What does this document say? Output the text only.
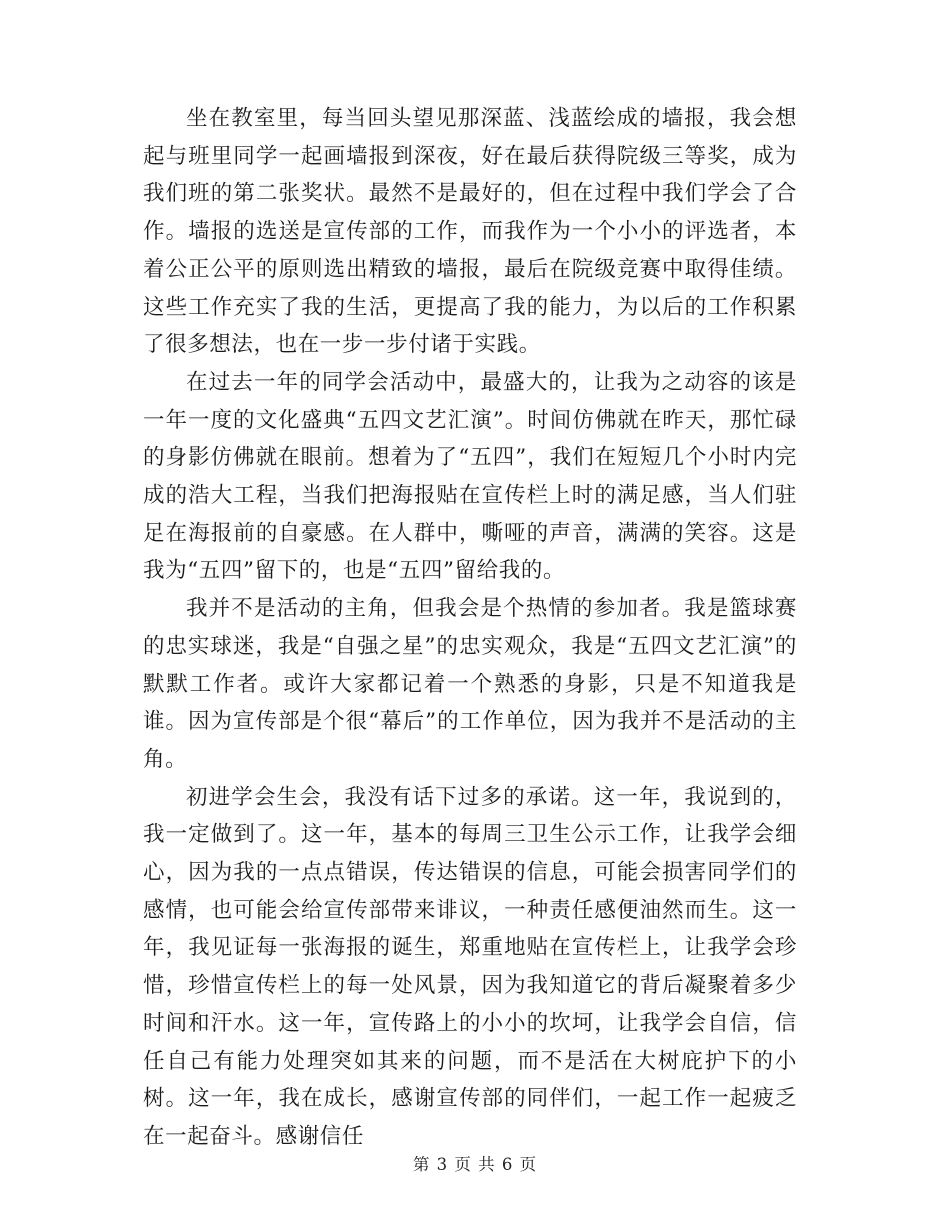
坐在教室里，每当回头望见那深蓝、浅蓝绘成的墙报，我会想起与班里同学一起画墙报到深夜，好在最后获得院级三等奖，成为我们班的第二张奖状。最然不是最好的，但在过程中我们学会了合作。墙报的选送是宣传部的工作，而我作为一个小小的评选者，本着公正公平的原则选出精致的墙报，最后在院级竞赛中取得佳绩。这些工作充实了我的生活，更提高了我的能力，为以后的工作积累了很多想法，也在一步一步付诸于实践。

在过去一年的同学会活动中，最盛大的，让我为之动容的该是一年一度的文化盛典“五四文艺汇演”。时间仿佛就在昨天，那忙碌的身影仿佛就在眼前。想着为了“五四”，我们在短短几个小时内完成的浩大工程，当我们把海报贴在宣传栏上时的满足感，当人们驻足在海报前的自豪感。在人群中，嘶哑的声音，满满的笑容。这是我为“五四”留下的，也是“五四”留给我的。

我并不是活动的主角，但我会是个热情的参加者。我是篮球赛的忠实球迷，我是“自强之星”的忠实观众，我是“五四文艺汇演”的默默工作者。或许大家都记着一个熟悉的身影，只是不知道我是谁。因为宣传部是个很“幕后”的工作单位，因为我并不是活动的主角。

初进学会生会，我没有话下过多的承诺。这一年，我说到的，我一定做到了。这一年，基本的每周三卫生公示工作，让我学会细心，因为我的一点点错误，传达错误的信息，可能会损害同学们的感情，也可能会给宣传部带来诽议，一种责任感便油然而生。这一年，我见证每一张海报的诞生，郑重地贴在宣传栏上，让我学会珍惜，珍惜宣传栏上的每一处风景，因为我知道它的背后凝聚着多少时间和汗水。这一年，宣传路上的小小的坎坷，让我学会自信，信任自己有能力处理突如其来的问题，而不是活在大树庇护下的小树。这一年，我在成长，感谢宣传部的同伴们，一起工作一起疲乏在一起奋斗。感谢信任

第 3 页 共 6 页
